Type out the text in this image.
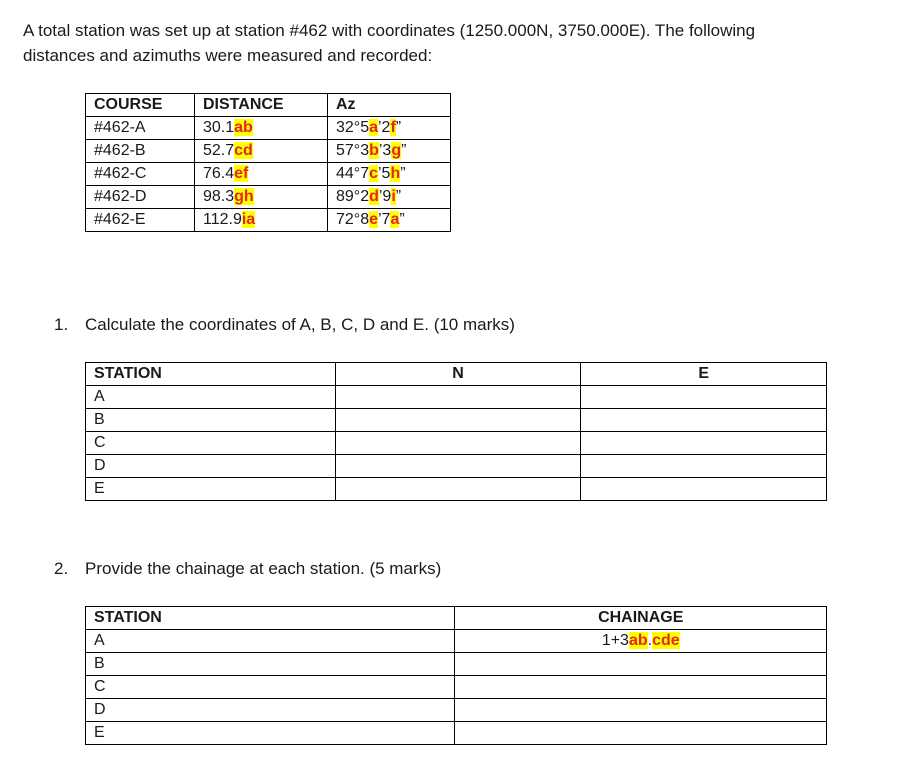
A total station was set up at station #462 with coordinates (1250.000N, 3750.000E). The following
distances and azimuths were measured and recorded:
COURSE	DISTANCE	Az
#462-A	30.1ab	32°5a’2f”
#462-B	52.7cd	57°3b’3g”
#462-C	76.4ef	44°7c’5h”
#462-D	98.3gh	89°2d’9i”
#462-E	112.9ia	72°8e’7a”
1. Calculate the coordinates of A, B, C, D and E. (10 marks)
STATION	N	E
A		
B		
C		
D		
E		
2. Provide the chainage at each station. (5 marks)
STATION	CHAINAGE
A	1+3ab.cde
B	
C	
D	
E	
